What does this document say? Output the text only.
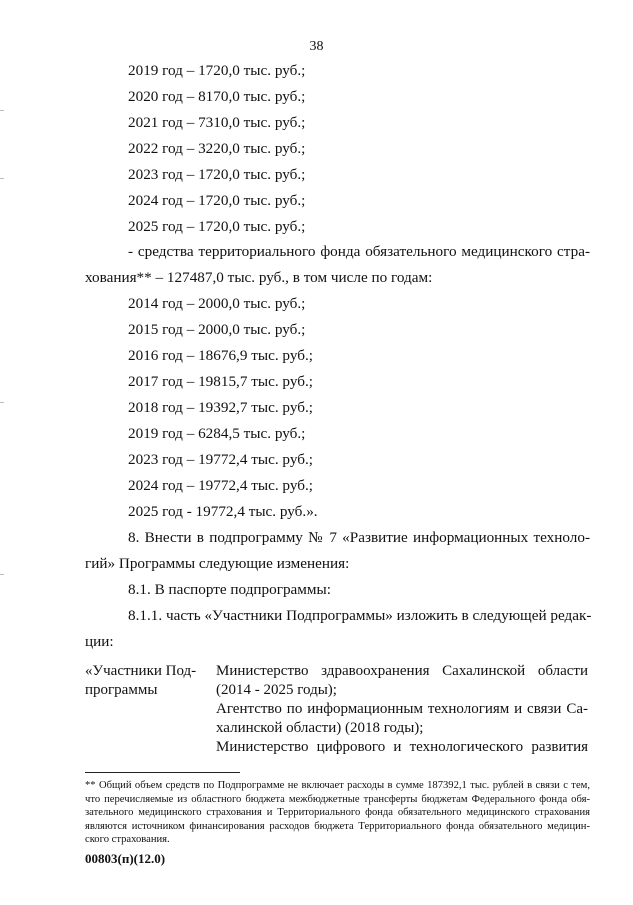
38
2019 год – 1720,0 тыс. руб.;
2020 год – 8170,0 тыс. руб.;
2021 год – 7310,0 тыс. руб.;
2022 год – 3220,0 тыс. руб.;
2023 год – 1720,0 тыс. руб.;
2024 год – 1720,0 тыс. руб.;
2025 год – 1720,0 тыс. руб.;
- средства территориального фонда обязательного медицинского стра-
хования** – 127487,0 тыс. руб., в том числе по годам:
2014 год – 2000,0 тыс. руб.;
2015 год – 2000,0 тыс. руб.;
2016 год – 18676,9 тыс. руб.;
2017 год – 19815,7 тыс. руб.;
2018 год – 19392,7 тыс. руб.;
2019 год – 6284,5 тыс. руб.;
2023 год – 19772,4 тыс. руб.;
2024 год – 19772,4 тыс. руб.;
2025 год - 19772,4 тыс. руб.».
8. Внести в подпрограмму № 7 «Развитие информационных техноло-
гий» Программы следующие изменения:
8.1. В паспорте подпрограммы:
8.1.1. часть «Участники Подпрограммы» изложить в следующей редак-
ции:
«Участники Под-
программы
Министерство здравоохранения Сахалинской области
(2014 - 2025 годы);
Агентство по информационным технологиям и связи Са-
халинской области) (2018 годы);
Министерство цифрового и технологического развития
** Общий объем средств по Подпрограмме не включает расходы в сумме 187392,1 тыс. рублей в связи с тем,
что перечисляемые из областного бюджета межбюджетные трансферты бюджетам Федерального фонда обя-
зательного медицинского страхования и Территориального фонда обязательного медицинского страхования
являются источником финансирования расходов бюджета Территориального фонда обязательного медицин-
ского страхования.
00803(п)(12.0)
